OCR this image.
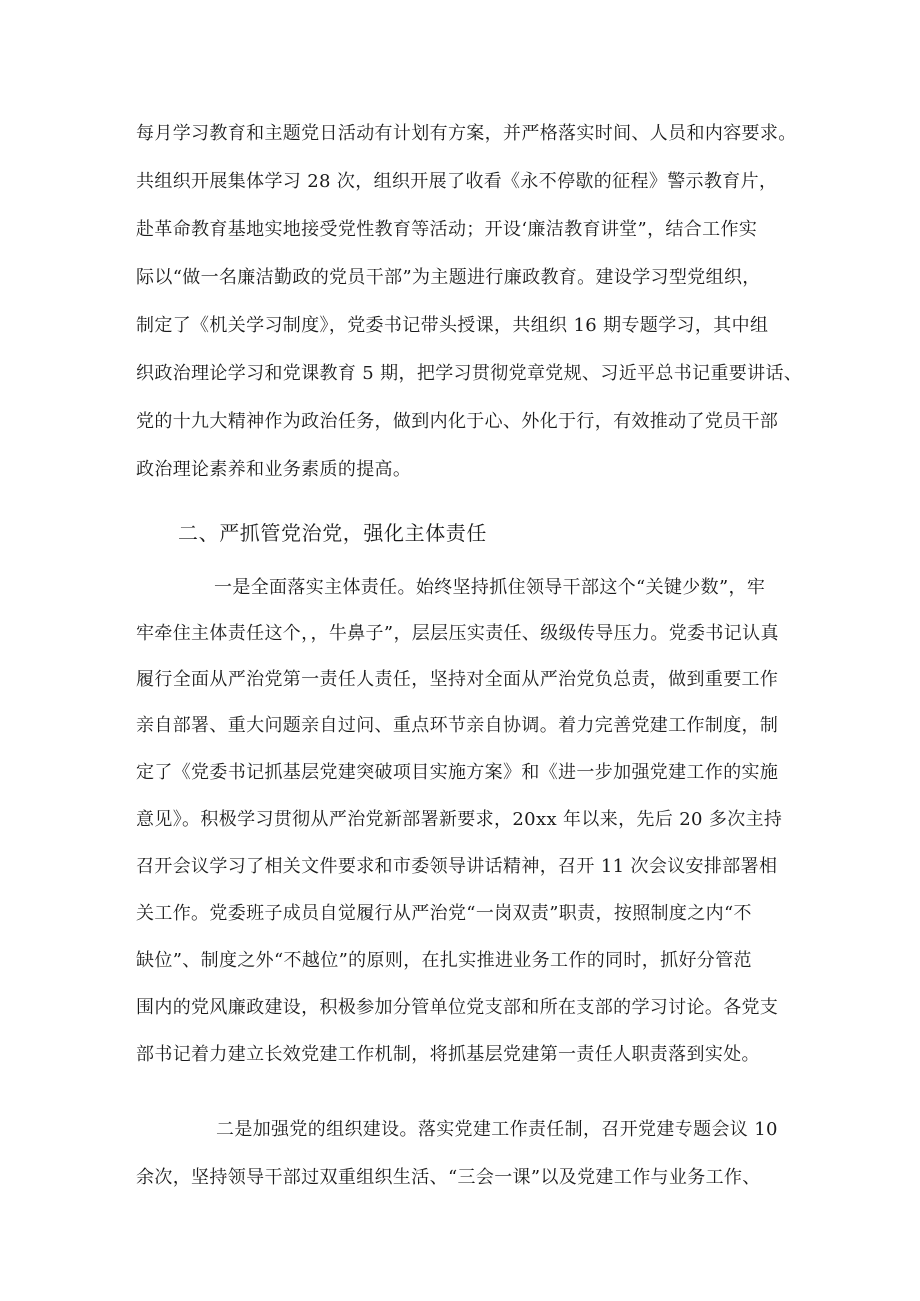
每月学习教育和主题党日活动有计划有方案，并严格落实时间、人员和内容要求。
共组织开展集体学习 28 次，组织开展了收看《永不停歇的征程》警示教育片，
赴革命教育基地实地接受党性教育等活动；开设‘廉洁教育讲堂”，结合工作实
际以“做一名廉洁勤政的党员干部”为主题进行廉政教育。建设学习型党组织，
制定了《机关学习制度》，党委书记带头授课，共组织 16 期专题学习，其中组
织政治理论学习和党课教育 5 期，把学习贯彻党章党规、习近平总书记重要讲话、
党的十九大精神作为政治任务，做到内化于心、外化于行，有效推动了党员干部
政治理论素养和业务素质的提高。
二、严抓管党治党，强化主体责任
一是全面落实主体责任。始终坚持抓住领导干部这个“关键少数”，牢
牢牵住主体责任这个，，牛鼻子”，层层压实责任、级级传导压力。党委书记认真
履行全面从严治党第一责任人责任，坚持对全面从严治党负总责，做到重要工作
亲自部署、重大问题亲自过问、重点环节亲自协调。着力完善党建工作制度，制
定了《党委书记抓基层党建突破项目实施方案》和《进一步加强党建工作的实施
意见》。积极学习贯彻从严治党新部署新要求，20xx 年以来，先后 20 多次主持
召开会议学习了相关文件要求和市委领导讲话精神，召开 11 次会议安排部署相
关工作。党委班子成员自觉履行从严治党“一岗双责”职责，按照制度之内“不
缺位”、制度之外“不越位”的原则，在扎实推进业务工作的同时，抓好分管范
围内的党风廉政建设，积极参加分管单位党支部和所在支部的学习讨论。各党支
部书记着力建立长效党建工作机制，将抓基层党建第一责任人职责落到实处。
二是加强党的组织建设。落实党建工作责任制，召开党建专题会议 10
余次，坚持领导干部过双重组织生活、“三会一课”以及党建工作与业务工作、
